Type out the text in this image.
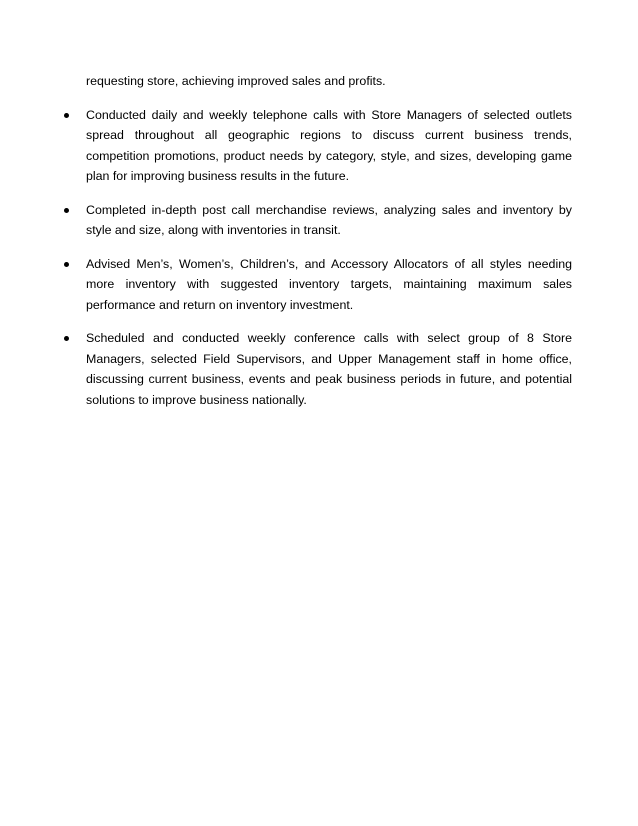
requesting store, achieving improved sales and profits.

Conducted daily and weekly telephone calls with Store Managers of selected outlets spread throughout all geographic regions to discuss current business trends, competition promotions, product needs by category, style, and sizes, developing game plan for improving business results in the future.
Completed in-depth post call merchandise reviews, analyzing sales and inventory by style and size, along with inventories in transit.
Advised Men’s, Women’s, Children’s, and Accessory Allocators of all styles needing more inventory with suggested inventory targets, maintaining maximum sales performance and return on inventory investment.
Scheduled and conducted weekly conference calls with select group of 8 Store Managers, selected Field Supervisors, and Upper Management staff in home office, discussing current business, events and peak business periods in future, and potential solutions to improve business nationally.
